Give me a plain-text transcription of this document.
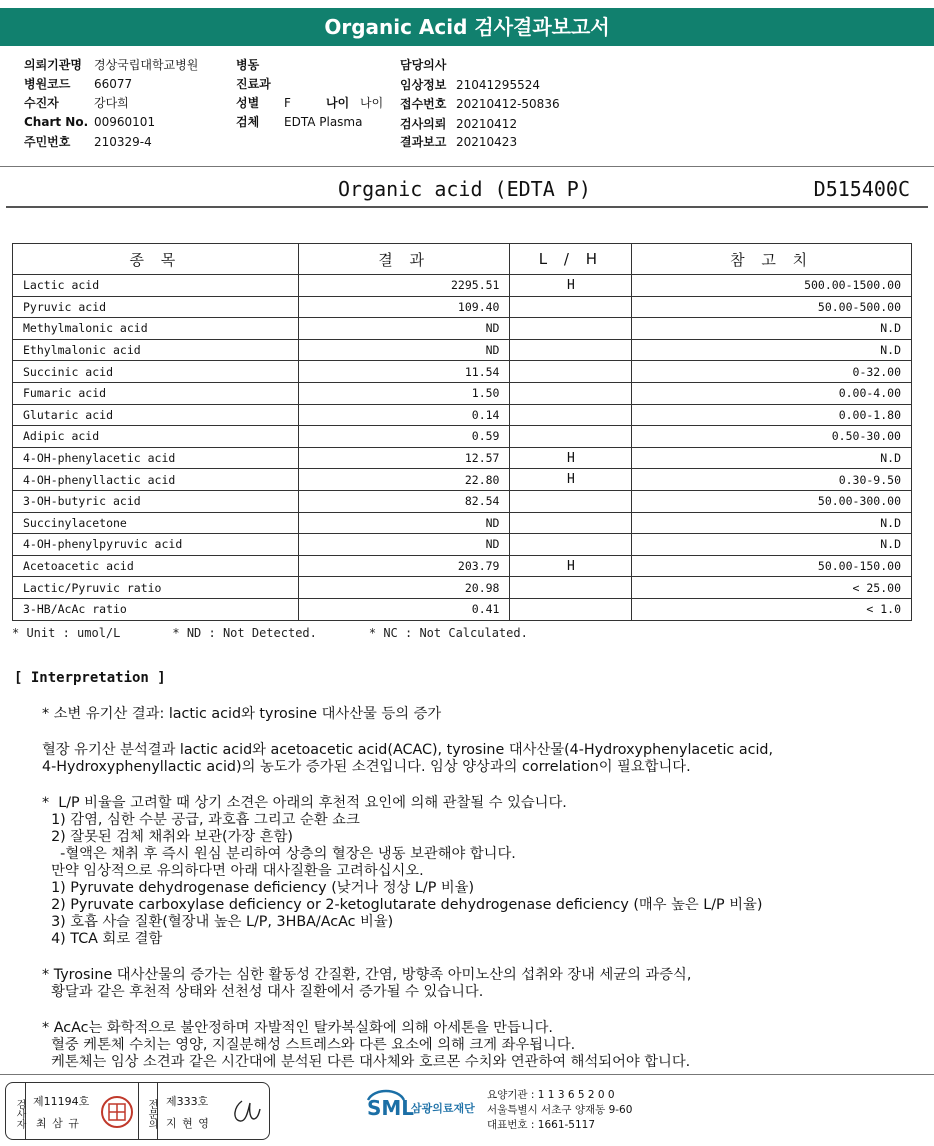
Organic Acid 검사결과보고서
의뢰기관명 경상국립대학교병원
병원코드 66077
수진자	강다희
Chart No. 00960101
주민번호 210329-4
병동
진료과
성별 F	나이 나이
검체 EDTA Plasma
담당의사
임상정보 21041295524
접수번호 20210412-50836
검사의뢰 20210412
결과보고 20210423
Organic acid (EDTA P)	D515400C
종 목	결 과	L / H	참 고 치
Lactic acid	2295.51	H	500.00-1500.00
Pyruvic acid	109.40		50.00-500.00
Methylmalonic acid	ND		N.D
Ethylmalonic acid	ND		N.D
Succinic acid	11.54		0-32.00
Fumaric acid	1.50		0.00-4.00
Glutaric acid	0.14		0.00-1.80
Adipic acid	0.59		0.50-30.00
4-OH-phenylacetic acid	12.57	H	N.D
4-OH-phenyllactic acid	22.80	H	0.30-9.50
3-OH-butyric acid	82.54		50.00-300.00
Succinylacetone	ND		N.D
4-OH-phenylpyruvic acid	ND		N.D
Acetoacetic acid	203.79	H	50.00-150.00
Lactic/Pyruvic ratio	20.98		< 25.00
3-HB/AcAc ratio	0.41		< 1.0
* Unit : umol/L	* ND : Not Detected.	* NC : Not Calculated.
[ Interpretation ]

* 소변 유기산 결과: lactic acid와 tyrosine 대사산물 등의 증가

혈장 유기산 분석결과 lactic acid와 acetoacetic acid(ACAC), tyrosine 대사산물(4-Hydroxyphenylacetic acid,

4-Hydroxyphenyllactic acid)의 농도가 증가된 소견입니다. 임상 양상과의 correlation이 필요합니다.

*  L/P 비율을 고려할 때 상기 소견은 아래의 후천적 요인에 의해 관찰될 수 있습니다.

1) 감염, 심한 수분 공급, 과호흡 그리고 순환 쇼크

2) 잘못된 검체 채취와 보관(가장 흔함)

-혈액은 채취 후 즉시 원심 분리하여 상층의 혈장은 냉동 보관해야 합니다.

만약 임상적으로 유의하다면 아래 대사질환을 고려하십시오.

1) Pyruvate dehydrogenase deficiency (낮거나 정상 L/P 비율)

2) Pyruvate carboxylase deficiency or 2-ketoglutarate dehydrogenase deficiency (매우 높은 L/P 비율)

3) 호흡 사슬 질환(혈장내 높은 L/P, 3HBA/AcAc 비율)

4) TCA 회로 결함

* Tyrosine 대사산물의 증가는 심한 활동성 간질환, 간염, 방향족 아미노산의 섭취와 장내 세균의 과증식,

황달과 같은 후천적 상태와 선천성 대사 질환에서 증가될 수 있습니다.

* AcAc는 화학적으로 불안정하며 자발적인 탈카복실화에 의해 아세톤을 만듭니다.

혈중 케톤체 수치는 영양, 지질분해성 스트레스와 다른 요소에 의해 크게 좌우됩니다.

케톤체는 임상 소견과 같은 시간대에 분석된 다른 대사체와 호르몬 수치와 연관하여 해석되어야 합니다.

검사자 제11194호
최 삼 규	전문의 제333호
지 현 영
SML
삼광의료재단
요양기관 : 1 1 3 6 5 2 0 0
서울특별시 서초구 양재동 9-60
대표번호 : 1661-5117
